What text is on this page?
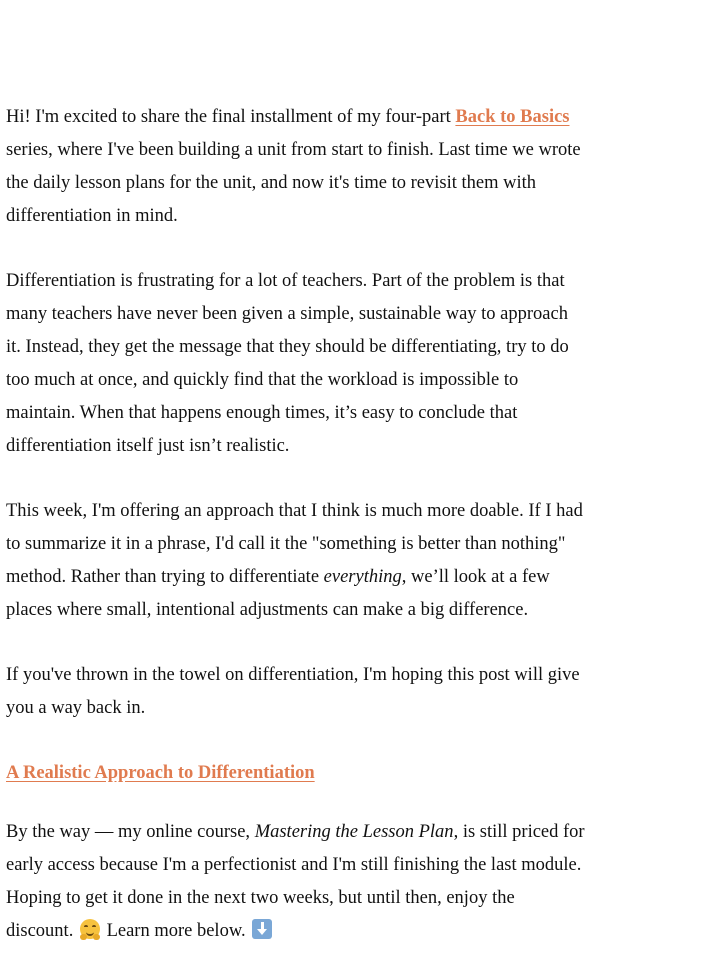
Hi! I'm excited to share the final installment of my four-part Back to Basics series, where I've been building a unit from start to finish. Last time we wrote the daily lesson plans for the unit, and now it's time to revisit them with differentiation in mind.

Differentiation is frustrating for a lot of teachers. Part of the problem is that many teachers have never been given a simple, sustainable way to approach it. Instead, they get the message that they should be differentiating, try to do too much at once, and quickly find that the workload is impossible to maintain. When that happens enough times, it’s easy to conclude that differentiation itself just isn’t realistic.

This week, I'm offering an approach that I think is much more doable. If I had to summarize it in a phrase, I'd call it the "something is better than nothing" method. Rather than trying to differentiate everything, we’ll look at a few places where small, intentional adjustments can make a big difference.

If you've thrown in the towel on differentiation, I'm hoping this post will give you a way back in.

A Realistic Approach to Differentiation

By the way — my online course, Mastering the Lesson Plan, is still priced for early access because I'm a perfectionist and I'm still finishing the last module. Hoping to get it done in the next two weeks, but until then, enjoy the discount.
Learn more below.
